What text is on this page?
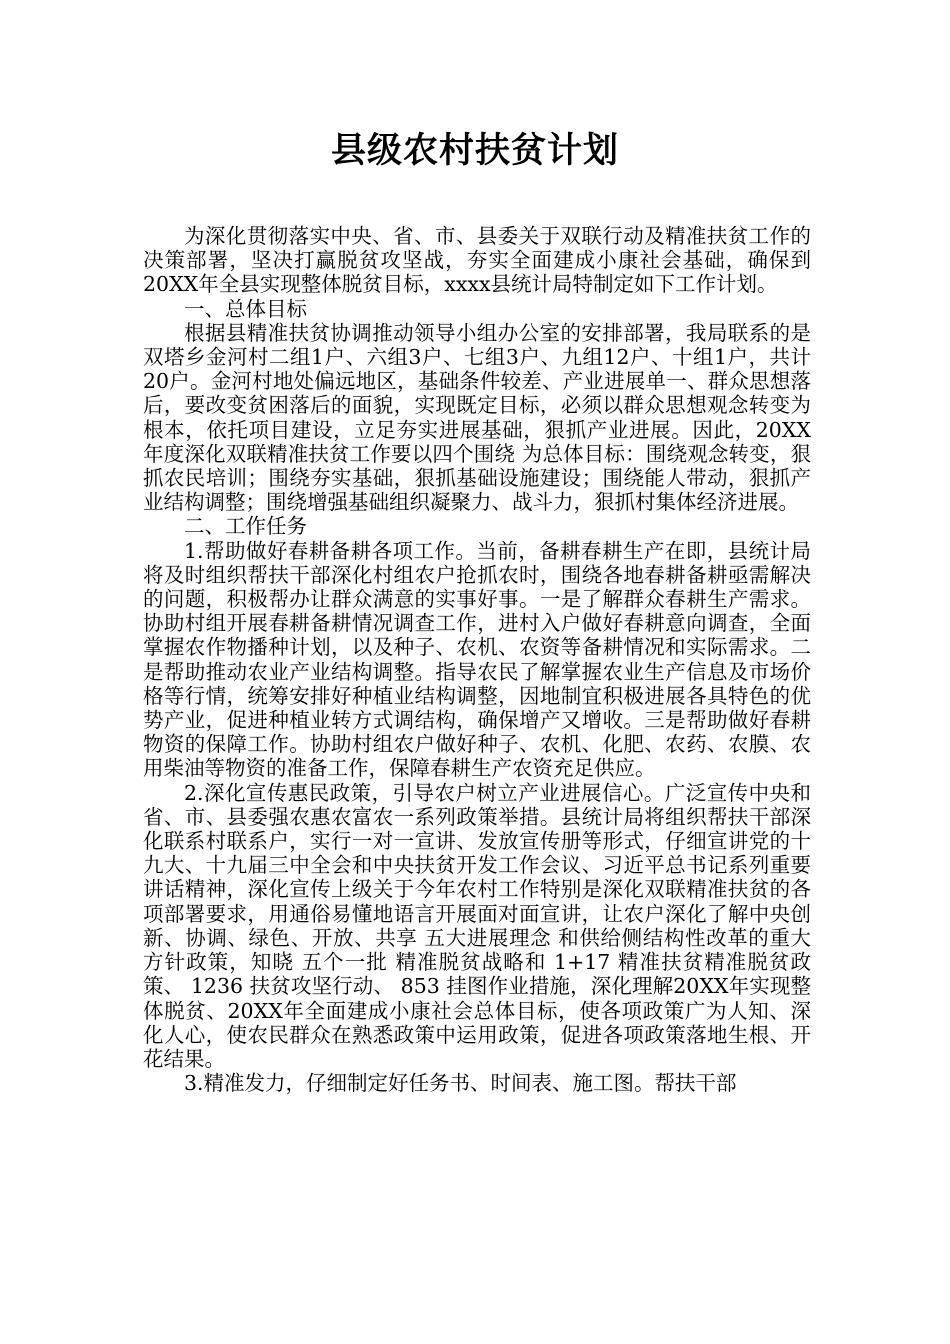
县级农村扶贫计划

为深化贯彻落实中央、省、市、县委关于双联行动及精准扶贫工作的决策部署，坚决打赢脱贫攻坚战，夯实全面建成小康社会基础，确保到20XX年全县实现整体脱贫目标，xxxx县统计局特制定如下工作计划。

一、总体目标

根据县精准扶贫协调推动领导小组办公室的安排部署，我局联系的是双塔乡金河村二组1户、六组3户、七组3户、九组12户、十组1户，共计20户。金河村地处偏远地区，基础条件较差、产业进展单一、群众思想落后，要改变贫困落后的面貌，实现既定目标，必须以群众思想观念转变为根本，依托项目建设，立足夯实进展基础，狠抓产业进展。因此，20XX年度深化双联精准扶贫工作要以四个围绕 为总体目标：围绕观念转变，狠抓农民培训；围绕夯实基础，狠抓基础设施建设；围绕能人带动，狠抓产业结构调整；围绕增强基础组织凝聚力、战斗力，狠抓村集体经济进展。

二、工作任务

1.帮助做好春耕备耕各项工作。当前，备耕春耕生产在即，县统计局将及时组织帮扶干部深化村组农户抢抓农时，围绕各地春耕备耕亟需解决的问题，积极帮办让群众满意的实事好事。一是了解群众春耕生产需求。协助村组开展春耕备耕情况调查工作，进村入户做好春耕意向调查，全面掌握农作物播种计划，以及种子、农机、农资等备耕情况和实际需求。二是帮助推动农业产业结构调整。指导农民了解掌握农业生产信息及市场价格等行情，统筹安排好种植业结构调整，因地制宜积极进展各具特色的优势产业，促进种植业转方式调结构，确保增产又增收。三是帮助做好春耕物资的保障工作。协助村组农户做好种子、农机、化肥、农药、农膜、农用柴油等物资的准备工作，保障春耕生产农资充足供应。

2.深化宣传惠民政策，引导农户树立产业进展信心。广泛宣传中央和省、市、县委强农惠农富农一系列政策举措。县统计局将组织帮扶干部深化联系村联系户，实行一对一宣讲、发放宣传册等形式，仔细宣讲党的十九大、十九届三中全会和中央扶贫开发工作会议、习近平总书记系列重要讲话精神，深化宣传上级关于今年农村工作特别是深化双联精准扶贫的各项部署要求，用通俗易懂地语言开展面对面宣讲，让农户深化了解中央创新、协调、绿色、开放、共享 五大进展理念 和供给侧结构性改革的重大方针政策，知晓 五个一批 精准脱贫战略和 1+17 精准扶贫精准脱贫政策、 1236 扶贫攻坚行动、 853 挂图作业措施，深化理解20XX年实现整体脱贫、20XX年全面建成小康社会总体目标，使各项政策广为人知、深化人心，使农民群众在熟悉政策中运用政策，促进各项政策落地生根、开花结果。

3.精准发力，仔细制定好任务书、时间表、施工图。帮扶干部
